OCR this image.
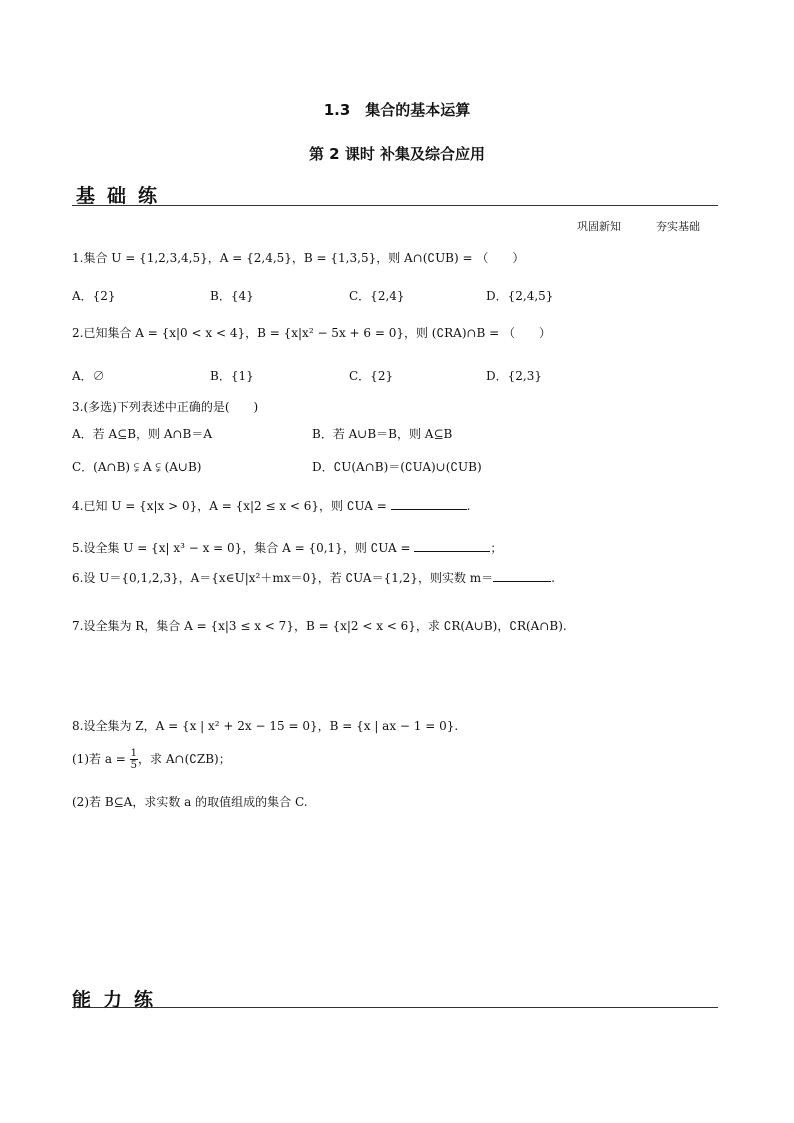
1.3　集合的基本运算
第 2 课时 补集及综合应用
基础练
巩固新知	夯实基础
1.集合 U = {1,2,3,4,5}，A = {2,4,5}，B = {1,3,5}，则 A∩(∁UB) = （　　）
A．{2}	B．{4}	C．{2,4}	D．{2,4,5}
2.已知集合 A = {x|0 < x < 4}，B = {x|x² − 5x + 6 = 0}，则 (∁RA)∩B = （　　）
A．∅	B．{1}	C．{2}	D．{2,3}
3.(多选)下列表述中正确的是(　　)
A．若 A⊆B，则 A∩B＝A	B．若 A∪B＝B，则 A⊆B
C．(A∩B) ⫋ A ⫋ (A∪B)	D．∁U(A∩B)＝(∁UA)∪(∁UB)
4.已知 U = {x|x > 0}，A = {x|2 ≤ x < 6}，则 ∁UA =	.
5.设全集 U = {x| x³ − x = 0}，集合 A = {0,1}，则 ∁UA =	；
6.设 U＝{0,1,2,3}，A＝{x∈U|x²＋mx＝0}，若 ∁UA＝{1,2}，则实数 m＝	.
7.设全集为 R，集合 A = {x|3 ≤ x < 7}，B = {x|2 < x < 6}，求 ∁R(A∪B)，∁R(A∩B).
8.设全集为 Z，A = {x | x² + 2x − 15 = 0}，B = {x | ax − 1 = 0}.
(1)若 $a = \frac{1}{5}$ ，求 A∩(∁ZB)；
(2)若 B⊆A，求实数 a 的取值组成的集合 C.
能力练
